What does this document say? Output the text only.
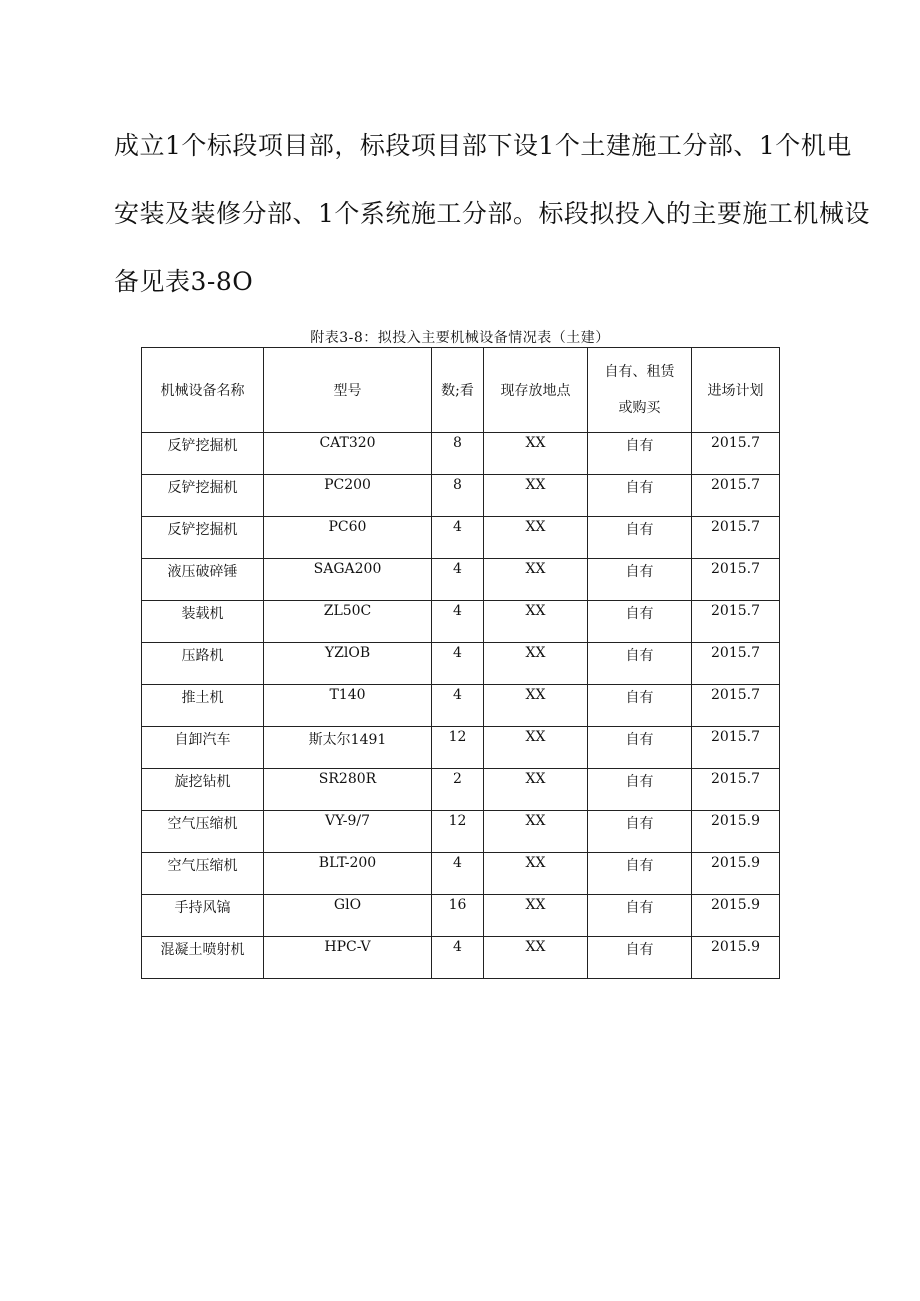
成立1个标段项目部，标段项目部下设1个土建施工分部、1个机电
安装及装修分部、1个系统施工分部。标段拟投入的主要施工机械设
备见表3-8O
附表3-8：拟投入主要机械设备情况表（土建）
机械设备名称	型号	数;看	现存放地点	自有、租赁
或购买	进场计划
反铲挖掘机	CAT320	8	XX	自有	2015.7
反铲挖掘机	PC200	8	XX	自有	2015.7
反铲挖掘机	PC60	4	XX	自有	2015.7
液压破碎锤	SAGA200	4	XX	自有	2015.7
装载机	ZL50C	4	XX	自有	2015.7
压路机	YZlOB	4	XX	自有	2015.7
推土机	T140	4	XX	自有	2015.7
自卸汽车	斯太尔1491	12	XX	自有	2015.7
旋挖钻机	SR280R	2	XX	自有	2015.7
空气压缩机	VY-9/7	12	XX	自有	2015.9
空气压缩机	BLT-200	4	XX	自有	2015.9
手持风镐	GlO	16	XX	自有	2015.9
混凝土喷射机	HPC-V	4	XX	自有	2015.9
